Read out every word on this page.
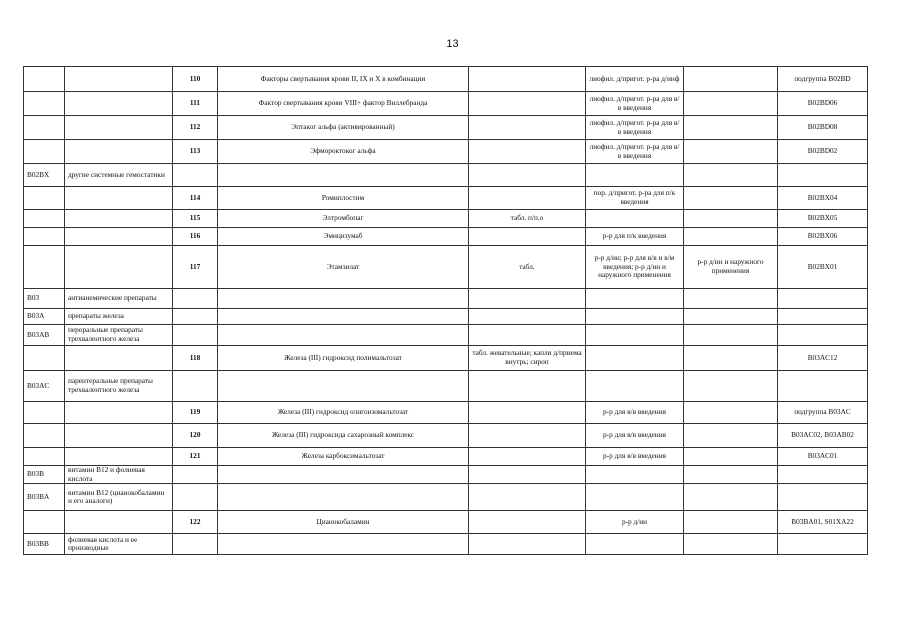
13
		110	Факторы свертывания крови II, IX и X в комбинации		лиофил. д/пригот. р-ра д/инф		подгруппа B02BD
		111	Фактор свертывания крови VIII+ фактор Виллебранда		лиофил. д/пригот. р-ра для в/в введения		B02BD06
		112	Эптаког альфа (активированный)		лиофил. д/пригот. р-ра для в/в введения		B02BD08
		113	Эфмороктоког альфа		лиофил. д/пригот. р-ра для в/в введения		B02BD02
B02BX	другие системные гемостатики						
		114	Ромиплостим		пор. д/пригот. р-ра для п/к введения		B02BX04
		115	Элтромбопаг	табл. п/п.о			B02BX05
		116	Эмицизумаб		р-р для п/к введения		B02BX06
		117	Этамзилат	табл.	р-р д/ин; р-р для в/в и в/м введения; р-р д/ин и наружного применения	р-р д/ин и наружного применения	B02BX01
B03	антианемические препараты						
B03A	препараты железа						
B03AB	пероральные препараты трехвалентного железа						
		118	Железа (III) гидроксид полимальтозат	табл. жевательные; капли д/приема внутрь; сироп			B03AC12
B03AC	парентеральные препараты трехвалентного железа						
		119	Железа (III) гидроксид олигоизомальтозат		р-р для в/в введения		подгруппа B03AC
		120	Железа (III) гидроксида сахарозный комплекс		р-р для в/в введения		B03AC02, B03AB02
		121	Железа карбоксимальтозат		р-р для в/в введения		B03AC01
B03B	витамин B12 и фолиевая кислота						
B03BA	витамин B12 (цианокобаламин и его аналоги)						
		122	Цианокобаламин		р-р д/ин		B03BA01, S01XA22
B03BB	фолиевая кислота и ее производные						
